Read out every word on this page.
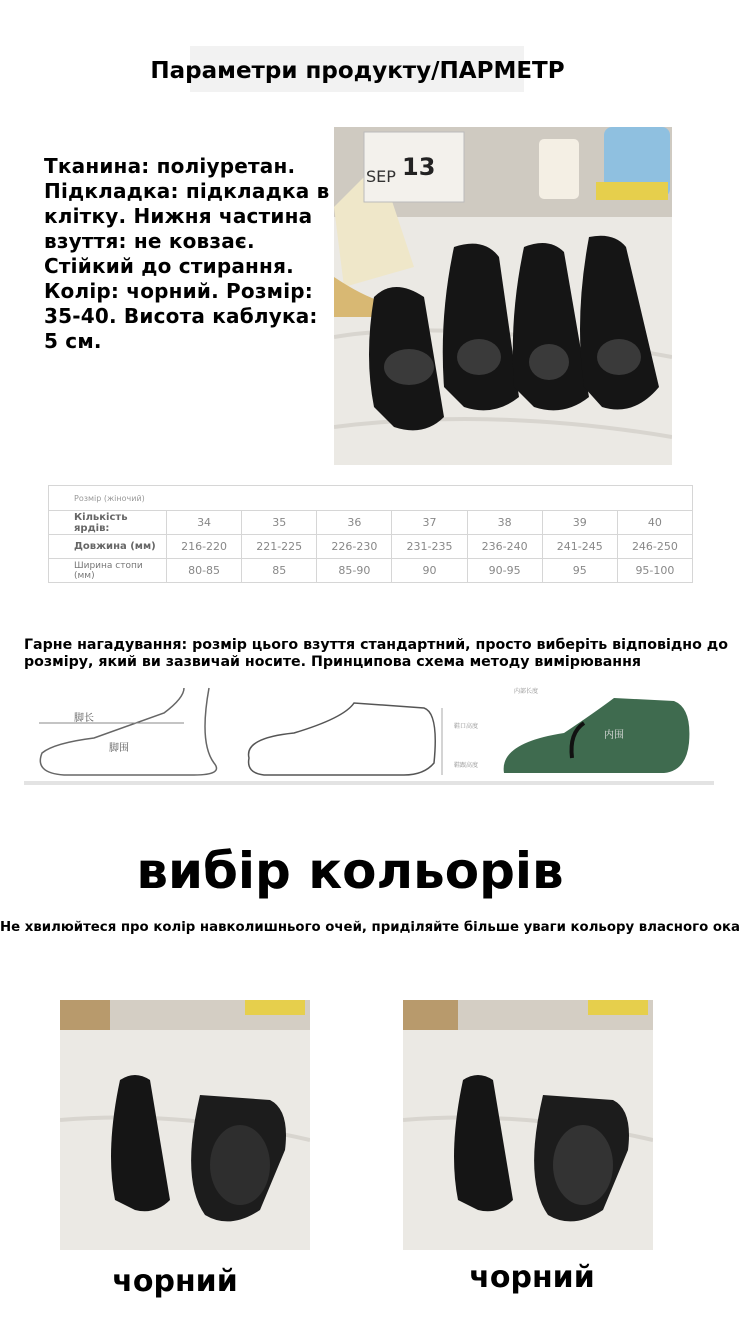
Параметри продукту/ПАРМЕТР
Тканина: поліуретан. Підкладка: підкладка в клітку. Нижня частина взуття: не ковзає. Стійкий до стирання. Колір: чорний. Розмір: 35-40. Висота каблука: 5 см.
SEP 13
Розмір (жіночий)							
Кількість ярдів:	34	35	36	37	38	39	40
Довжина (мм)	216-220	221-225	226-230	231-235	236-240	241-245	246-250
Ширина стопи (мм)	80-85	85	85-90	90	90-95	95	95-100
Гарне нагадування: розмір цього взуття стандартний, просто виберіть відповідно до розміру, який ви зазвичай носите. Принципова схема методу вимірювання
脚长
脚围
鞋口高度
鞋跟高度
内部长度
内围
вибір кольорів
Не хвилюйтеся про колір навколишнього очей, приділяйте більше уваги кольору власного ока
чорний	чорний
